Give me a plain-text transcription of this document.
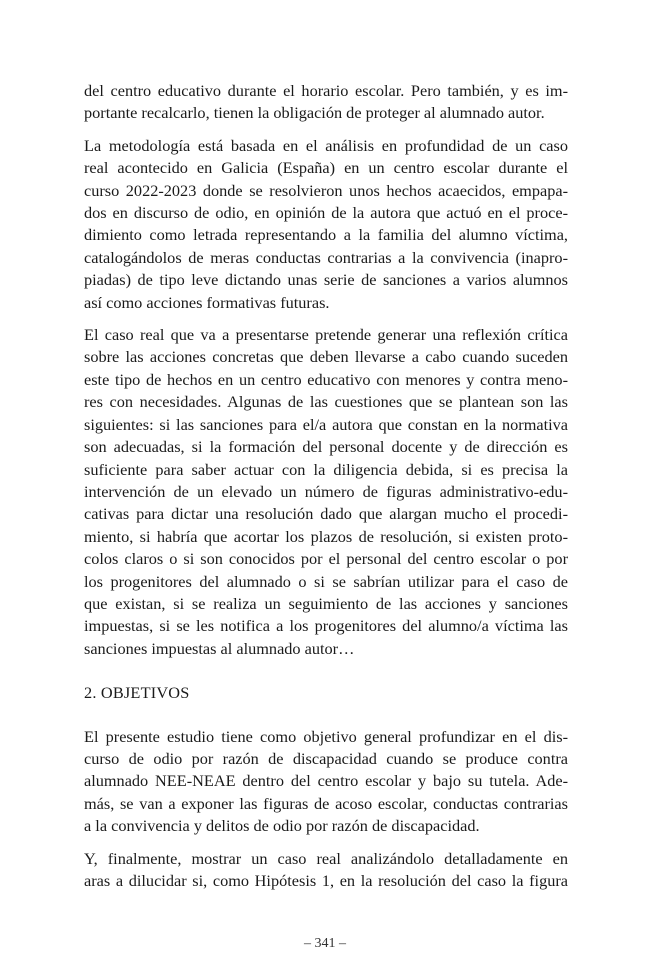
del centro educativo durante el horario escolar. Pero también, y es im-
portante recalcarlo, tienen la obligación de proteger al alumnado autor.

La metodología está basada en el análisis en profundidad de un caso
real acontecido en Galicia (España) en un centro escolar durante el
curso 2022-2023 donde se resolvieron unos hechos acaecidos, empapa-
dos en discurso de odio, en opinión de la autora que actuó en el proce-
dimiento como letrada representando a la familia del alumno víctima,
catalogándolos de meras conductas contrarias a la convivencia (inapro-
piadas) de tipo leve dictando unas serie de sanciones a varios alumnos
así como acciones formativas futuras.

El caso real que va a presentarse pretende generar una reflexión crítica
sobre las acciones concretas que deben llevarse a cabo cuando suceden
este tipo de hechos en un centro educativo con menores y contra meno-
res con necesidades. Algunas de las cuestiones que se plantean son las
siguientes: si las sanciones para el/a autora que constan en la normativa
son adecuadas, si la formación del personal docente y de dirección es
suficiente para saber actuar con la diligencia debida, si es precisa la
intervención de un elevado un número de figuras administrativo-edu-
cativas para dictar una resolución dado que alargan mucho el procedi-
miento, si habría que acortar los plazos de resolución, si existen proto-
colos claros o si son conocidos por el personal del centro escolar o por
los progenitores del alumnado o si se sabrían utilizar para el caso de
que existan, si se realiza un seguimiento de las acciones y sanciones
impuestas, si se les notifica a los progenitores del alumno/a víctima las
sanciones impuestas al alumnado autor…

2. OBJETIVOS

El presente estudio tiene como objetivo general profundizar en el dis-
curso de odio por razón de discapacidad cuando se produce contra
alumnado NEE-NEAE dentro del centro escolar y bajo su tutela. Ade-
más, se van a exponer las figuras de acoso escolar, conductas contrarias
a la convivencia y delitos de odio por razón de discapacidad.

Y, finalmente, mostrar un caso real analizándolo detalladamente en
aras a dilucidar si, como Hipótesis 1, en la resolución del caso la figura

– 341 –
